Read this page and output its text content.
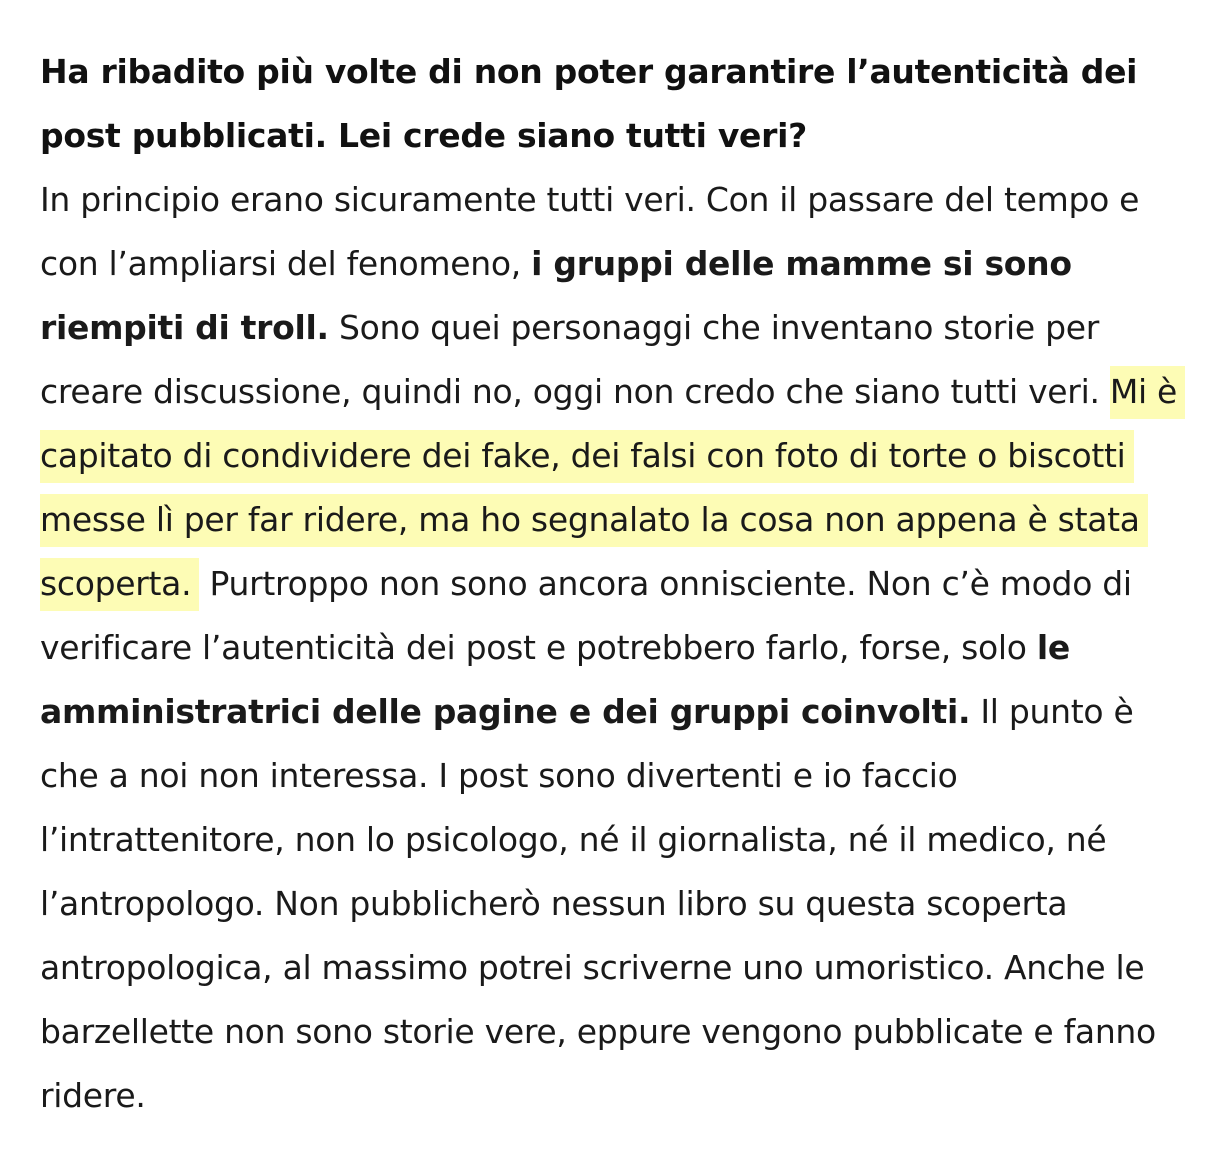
Ha ribadito più volte di non poter garantire l’autenticità dei post pubblicati. Lei crede siano tutti veri?

In principio erano sicuramente tutti veri. Con il passare del tempo e con l’ampliarsi del fenomeno, i gruppi delle mamme si sono riempiti di troll. Sono quei personaggi che inventano storie per creare discussione, quindi no, oggi non credo che siano tutti veri. Mi è capitato di condividere dei fake, dei falsi con foto di torte o biscotti messe lì per far ridere, ma ho segnalato la cosa non appena è stata scoperta. Purtroppo non sono ancora onnisciente. Non c’è modo di verificare l’autenticità dei post e potrebbero farlo, forse, solo le amministratrici delle pagine e dei gruppi coinvolti. Il punto è che a noi non interessa. I post sono divertenti e io faccio l’intrattenitore, non lo psicologo, né il giornalista, né il medico, né l’antropologo. Non pubblicherò nessun libro su questa scoperta antropologica, al massimo potrei scriverne uno umoristico. Anche le barzellette non sono storie vere, eppure vengono pubblicate e fanno ridere.
